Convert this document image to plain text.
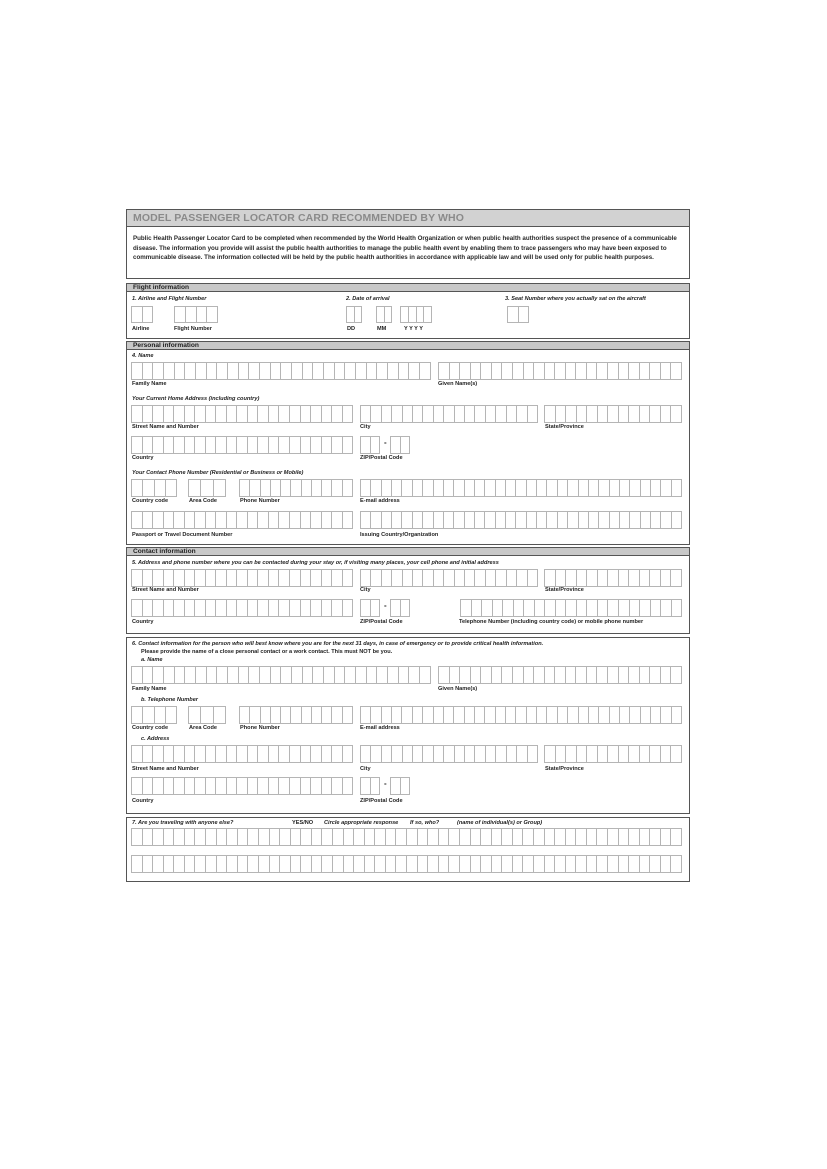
MODEL PASSENGER LOCATOR CARD RECOMMENDED BY WHO

Public Health Passenger Locator Card to be completed when recommended by the World Health Organization or when public health authorities suspect the presence of a communicable disease. The information you provide will assist the public health authorities to manage the public health event by enabling them to trace passengers who may have been exposed to communicable disease. The information collected will be held by the public health authorities in accordance with applicable law and will be used only for public health purposes.

Flight information
1. Airline and Flight Number	2. Date of arrival	3. Seat Number where you actually sat on the aircraft
Airline	Flight Number	DD	MM	Y Y Y Y
Personal information
4. Name
Family Name	Given Name(s)
Your Current Home Address (including country)
Street Name and Number	City	State/Province
-
Country	ZIP/Postal Code
Your Contact Phone Number (Residential or Business or Mobile)
Country code	Area Code	Phone Number	E-mail address
Passport or Travel Document Number	Issuing Country/Organization
Contact information
5. Address and phone number where you can be contacted during your stay or, if visiting many places, your cell phone and initial address
Street Name and Number	City	State/Province
-
Country	ZIP/Postal Code	Telephone Number (including country code) or mobile phone number
6. Contact information for the person who will best know where you are for the next 31 days, in case of emergency or to provide critical health information.
Please provide the name of a close personal contact or a work contact. This must NOT be you.
a. Name
Family Name	Given Name(s)
b. Telephone Number
Country code	Area Code	Phone Number	E-mail address
c. Address
Street Name and Number	City	State/Province
-
Country	ZIP/Postal Code
7. Are you traveling with anyone else?	YES/NO Circle appropriate response If so, who?	(name of individual(s) or Group)
